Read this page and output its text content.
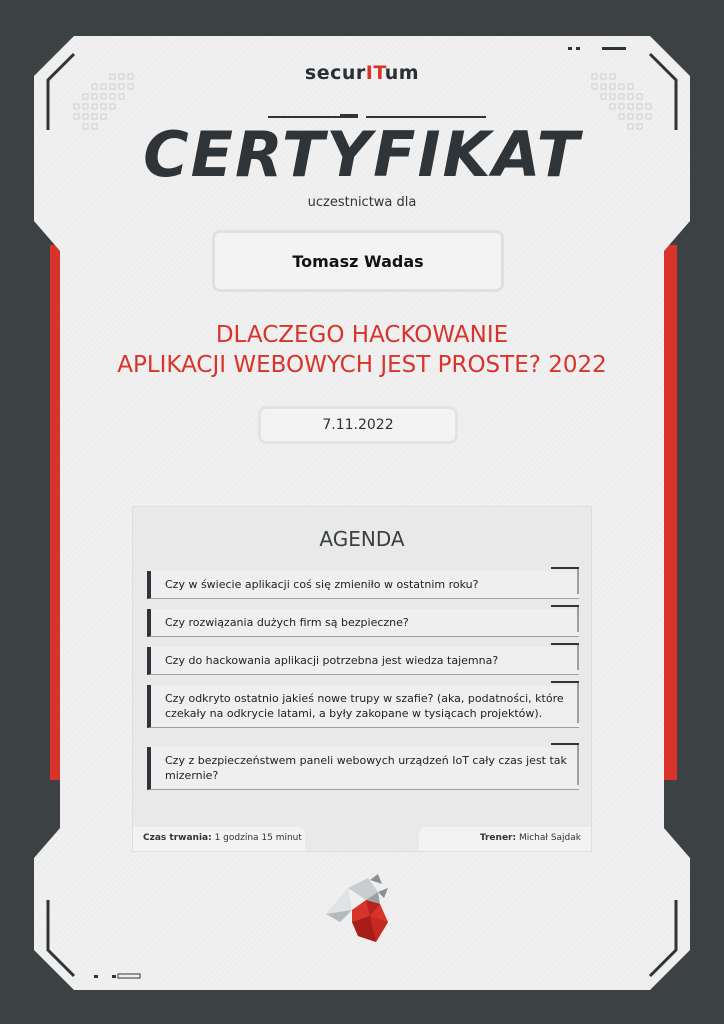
securITum
CERTYFIKAT
uczestnictwa dla
Tomasz Wadas
DLACZEGO HACKOWANIE
APLIKACJI WEBOWYCH JEST PROSTE? 2022
7.11.2022
AGENDA
Czy w świecie aplikacji coś się zmieniło w ostatnim roku?
Czy rozwiązania dużych firm są bezpieczne?
Czy do hackowania aplikacji potrzebna jest wiedza tajemna?
Czy odkryto ostatnio jakieś nowe trupy w szafie? (aka, podatności, które czekały na odkrycie latami, a były zakopane w tysiącach projektów).
Czy z bezpieczeństwem paneli webowych urządzeń IoT cały czas jest tak mizernie?
Czas trwania: 1 godzina 15 minut	Trener: Michał Sajdak
